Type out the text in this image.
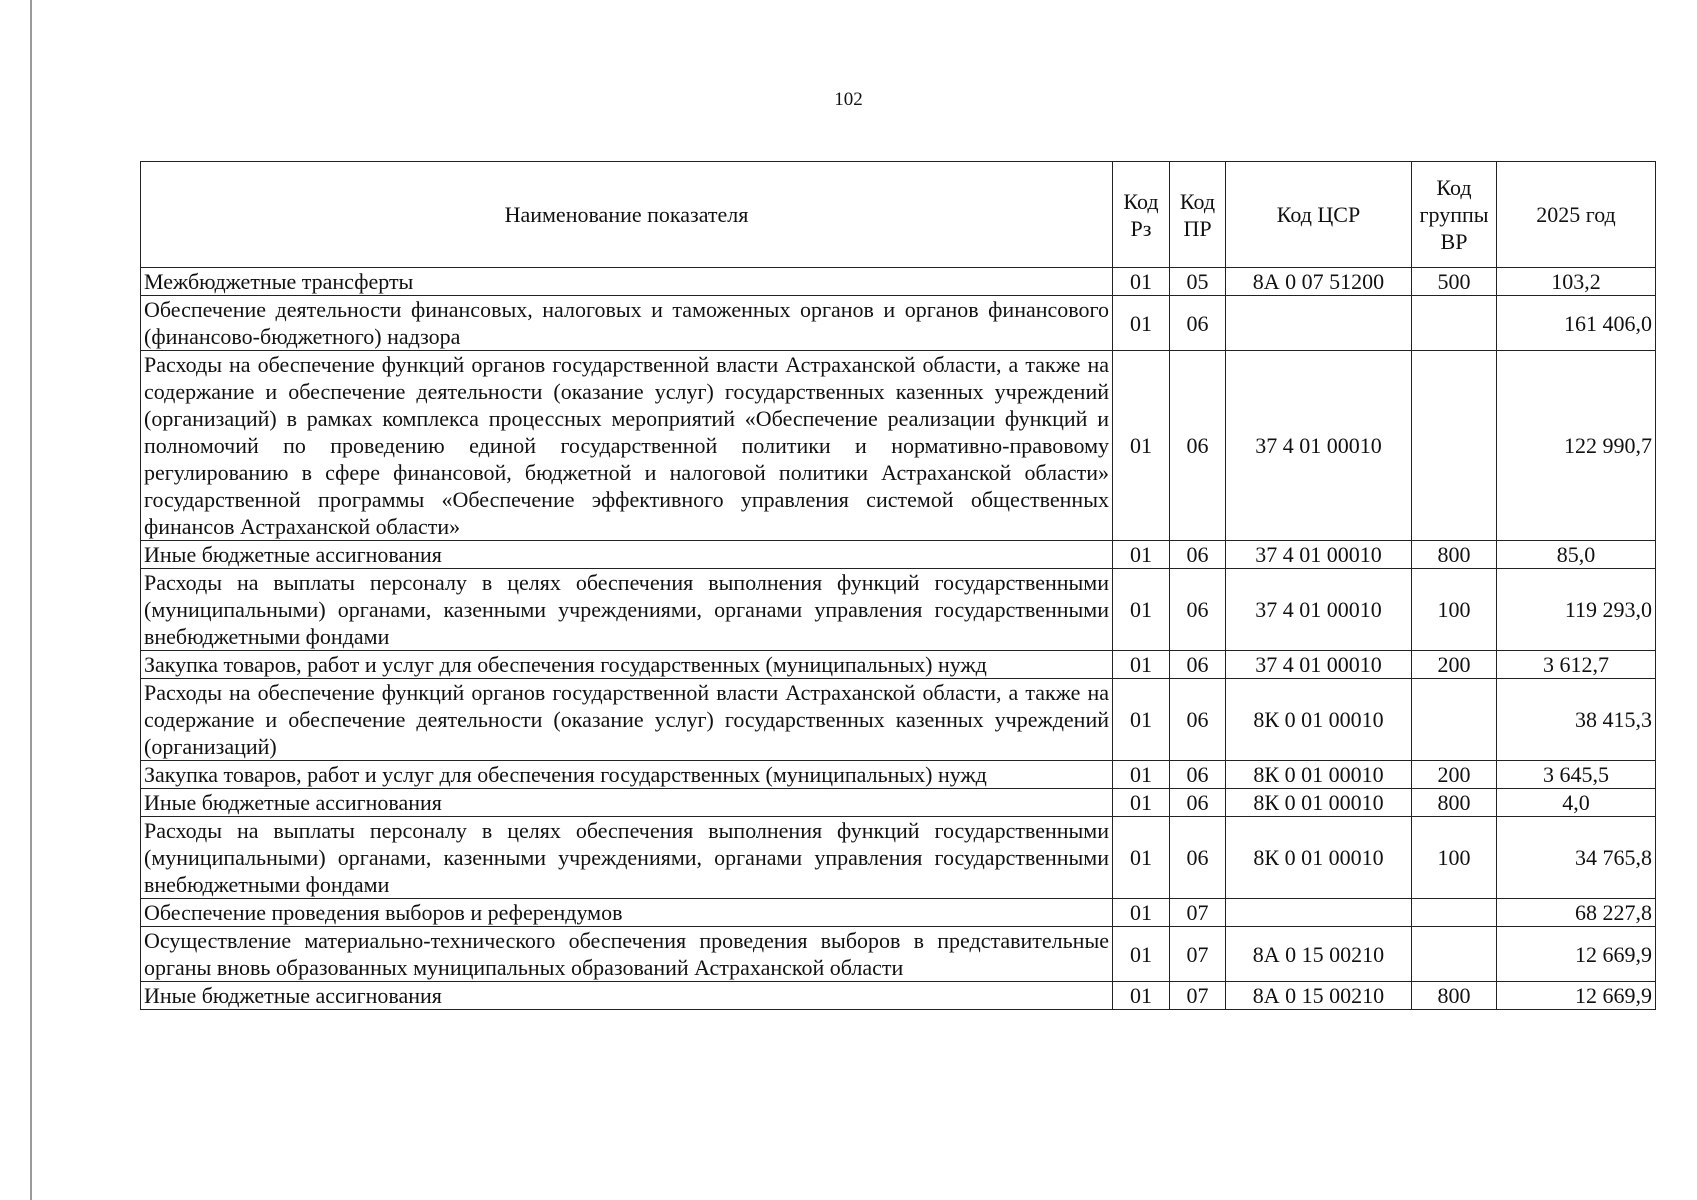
102
Наименование показателя	Код Рз	Код ПР	Код ЦСР	Код группы ВР	2025 год
Межбюджетные трансферты	01	05	8А 0 07 51200	500	103,2
Обеспечение деятельности финансовых, налоговых и таможенных органов и органов финансового (финансово-бюджетного) надзора	01	06			161 406,0
Расходы на обеспечение функций органов государственной власти Астраханской области, а также на содержание и обеспечение деятельности (оказание услуг) государственных казенных учреждений (организаций) в рамках комплекса процессных мероприятий «Обеспечение реализации функций и полномочий по проведению единой государственной политики и нормативно-правовому регулированию в сфере финансовой, бюджетной и налоговой политики Астраханской области» государственной программы «Обеспечение эффективного управления системой общественных финансов Астраханской области»	01	06	37 4 01 00010		122 990,7
Иные бюджетные ассигнования	01	06	37 4 01 00010	800	85,0
Расходы на выплаты персоналу в целях обеспечения выполнения функций государственными (муниципальными) органами, казенными учреждениями, органами управления государственными внебюджетными фондами	01	06	37 4 01 00010	100	119 293,0
Закупка товаров, работ и услуг для обеспечения государственных (муниципальных) нужд	01	06	37 4 01 00010	200	3 612,7
Расходы на обеспечение функций органов государственной власти Астраханской области, а также на содержание и обеспечение деятельности (оказание услуг) государственных казенных учреждений (организаций)	01	06	8К 0 01 00010		38 415,3
Закупка товаров, работ и услуг для обеспечения государственных (муниципальных) нужд	01	06	8К 0 01 00010	200	3 645,5
Иные бюджетные ассигнования	01	06	8К 0 01 00010	800	4,0
Расходы на выплаты персоналу в целях обеспечения выполнения функций государственными (муниципальными) органами, казенными учреждениями, органами управления государственными внебюджетными фондами	01	06	8К 0 01 00010	100	34 765,8
Обеспечение проведения выборов и референдумов	01	07			68 227,8
Осуществление материально-технического обеспечения проведения выборов в представительные органы вновь образованных муниципальных образований Астраханской области	01	07	8А 0 15 00210		12 669,9
Иные бюджетные ассигнования	01	07	8А 0 15 00210	800	12 669,9
